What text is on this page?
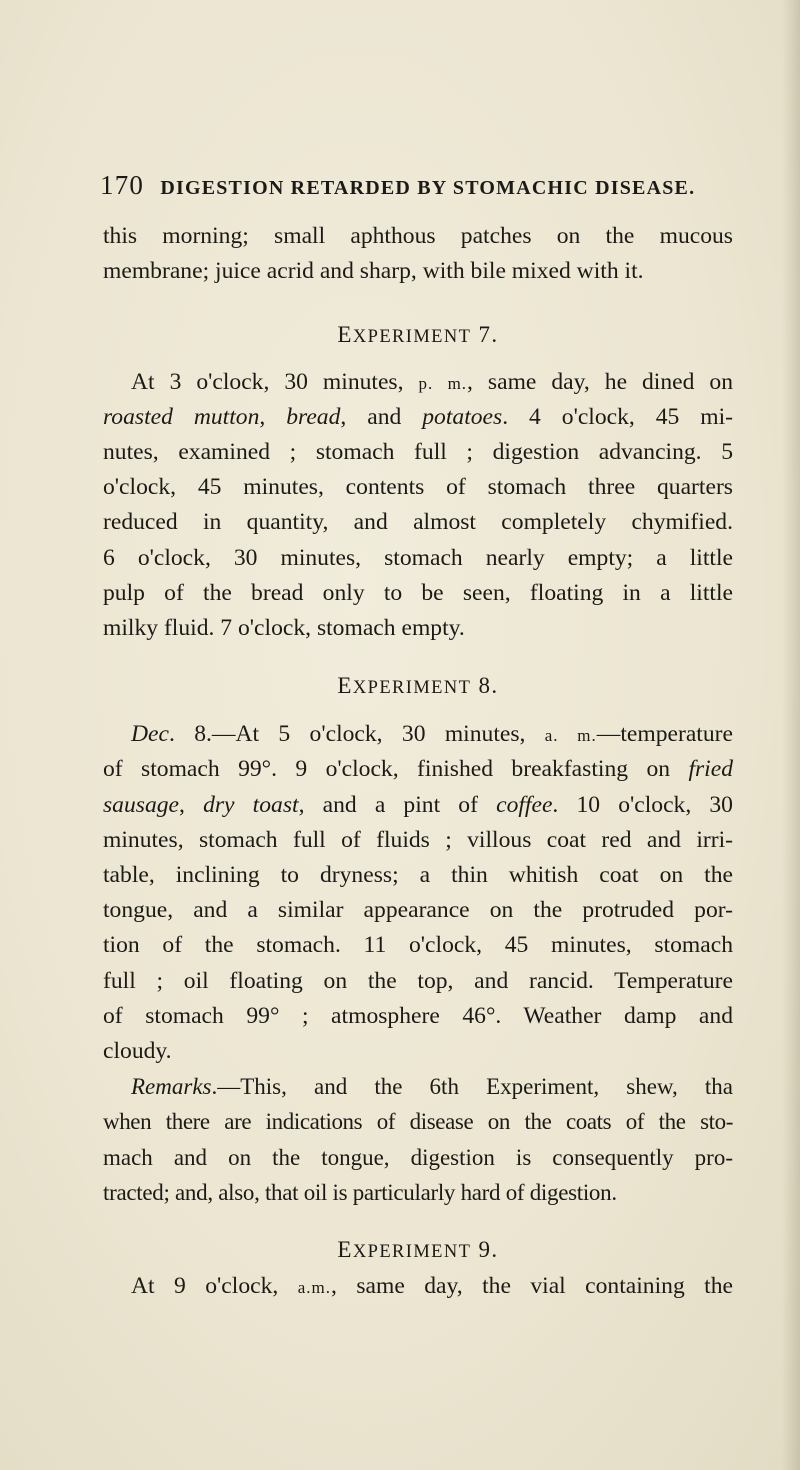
170 DIGESTION RETARDED BY STOMACHIC DISEASE.
this morning; small aphthous patches on the mucous
membrane; juice acrid and sharp, with bile mixed with it.
EXPERIMENT 7.
At 3 o'clock, 30 minutes, p. m., same day, he dined on
roasted mutton, bread, and potatoes. 4 o'clock, 45 mi-
nutes, examined ; stomach full ; digestion advancing. 5
o'clock, 45 minutes, contents of stomach three quarters
reduced in quantity, and almost completely chymified.
6 o'clock, 30 minutes, stomach nearly empty; a little
pulp of the bread only to be seen, floating in a little
milky fluid. 7 o'clock, stomach empty.
EXPERIMENT 8.
Dec. 8.—At 5 o'clock, 30 minutes, a. m.—temperature
of stomach 99°. 9 o'clock, finished breakfasting on fried
sausage, dry toast, and a pint of coffee. 10 o'clock, 30
minutes, stomach full of fluids ; villous coat red and irri-
table, inclining to dryness; a thin whitish coat on the
tongue, and a similar appearance on the protruded por-
tion of the stomach. 11 o'clock, 45 minutes, stomach
full ; oil floating on the top, and rancid. Temperature
of stomach 99° ; atmosphere 46°. Weather damp and
cloudy.
Remarks.—This, and the 6th Experiment, shew, tha
when there are indications of disease on the coats of the sto-
mach and on the tongue, digestion is consequently pro-
tracted; and, also, that oil is particularly hard of digestion.
EXPERIMENT 9.
At 9 o'clock, a.m., same day, the vial containing the
